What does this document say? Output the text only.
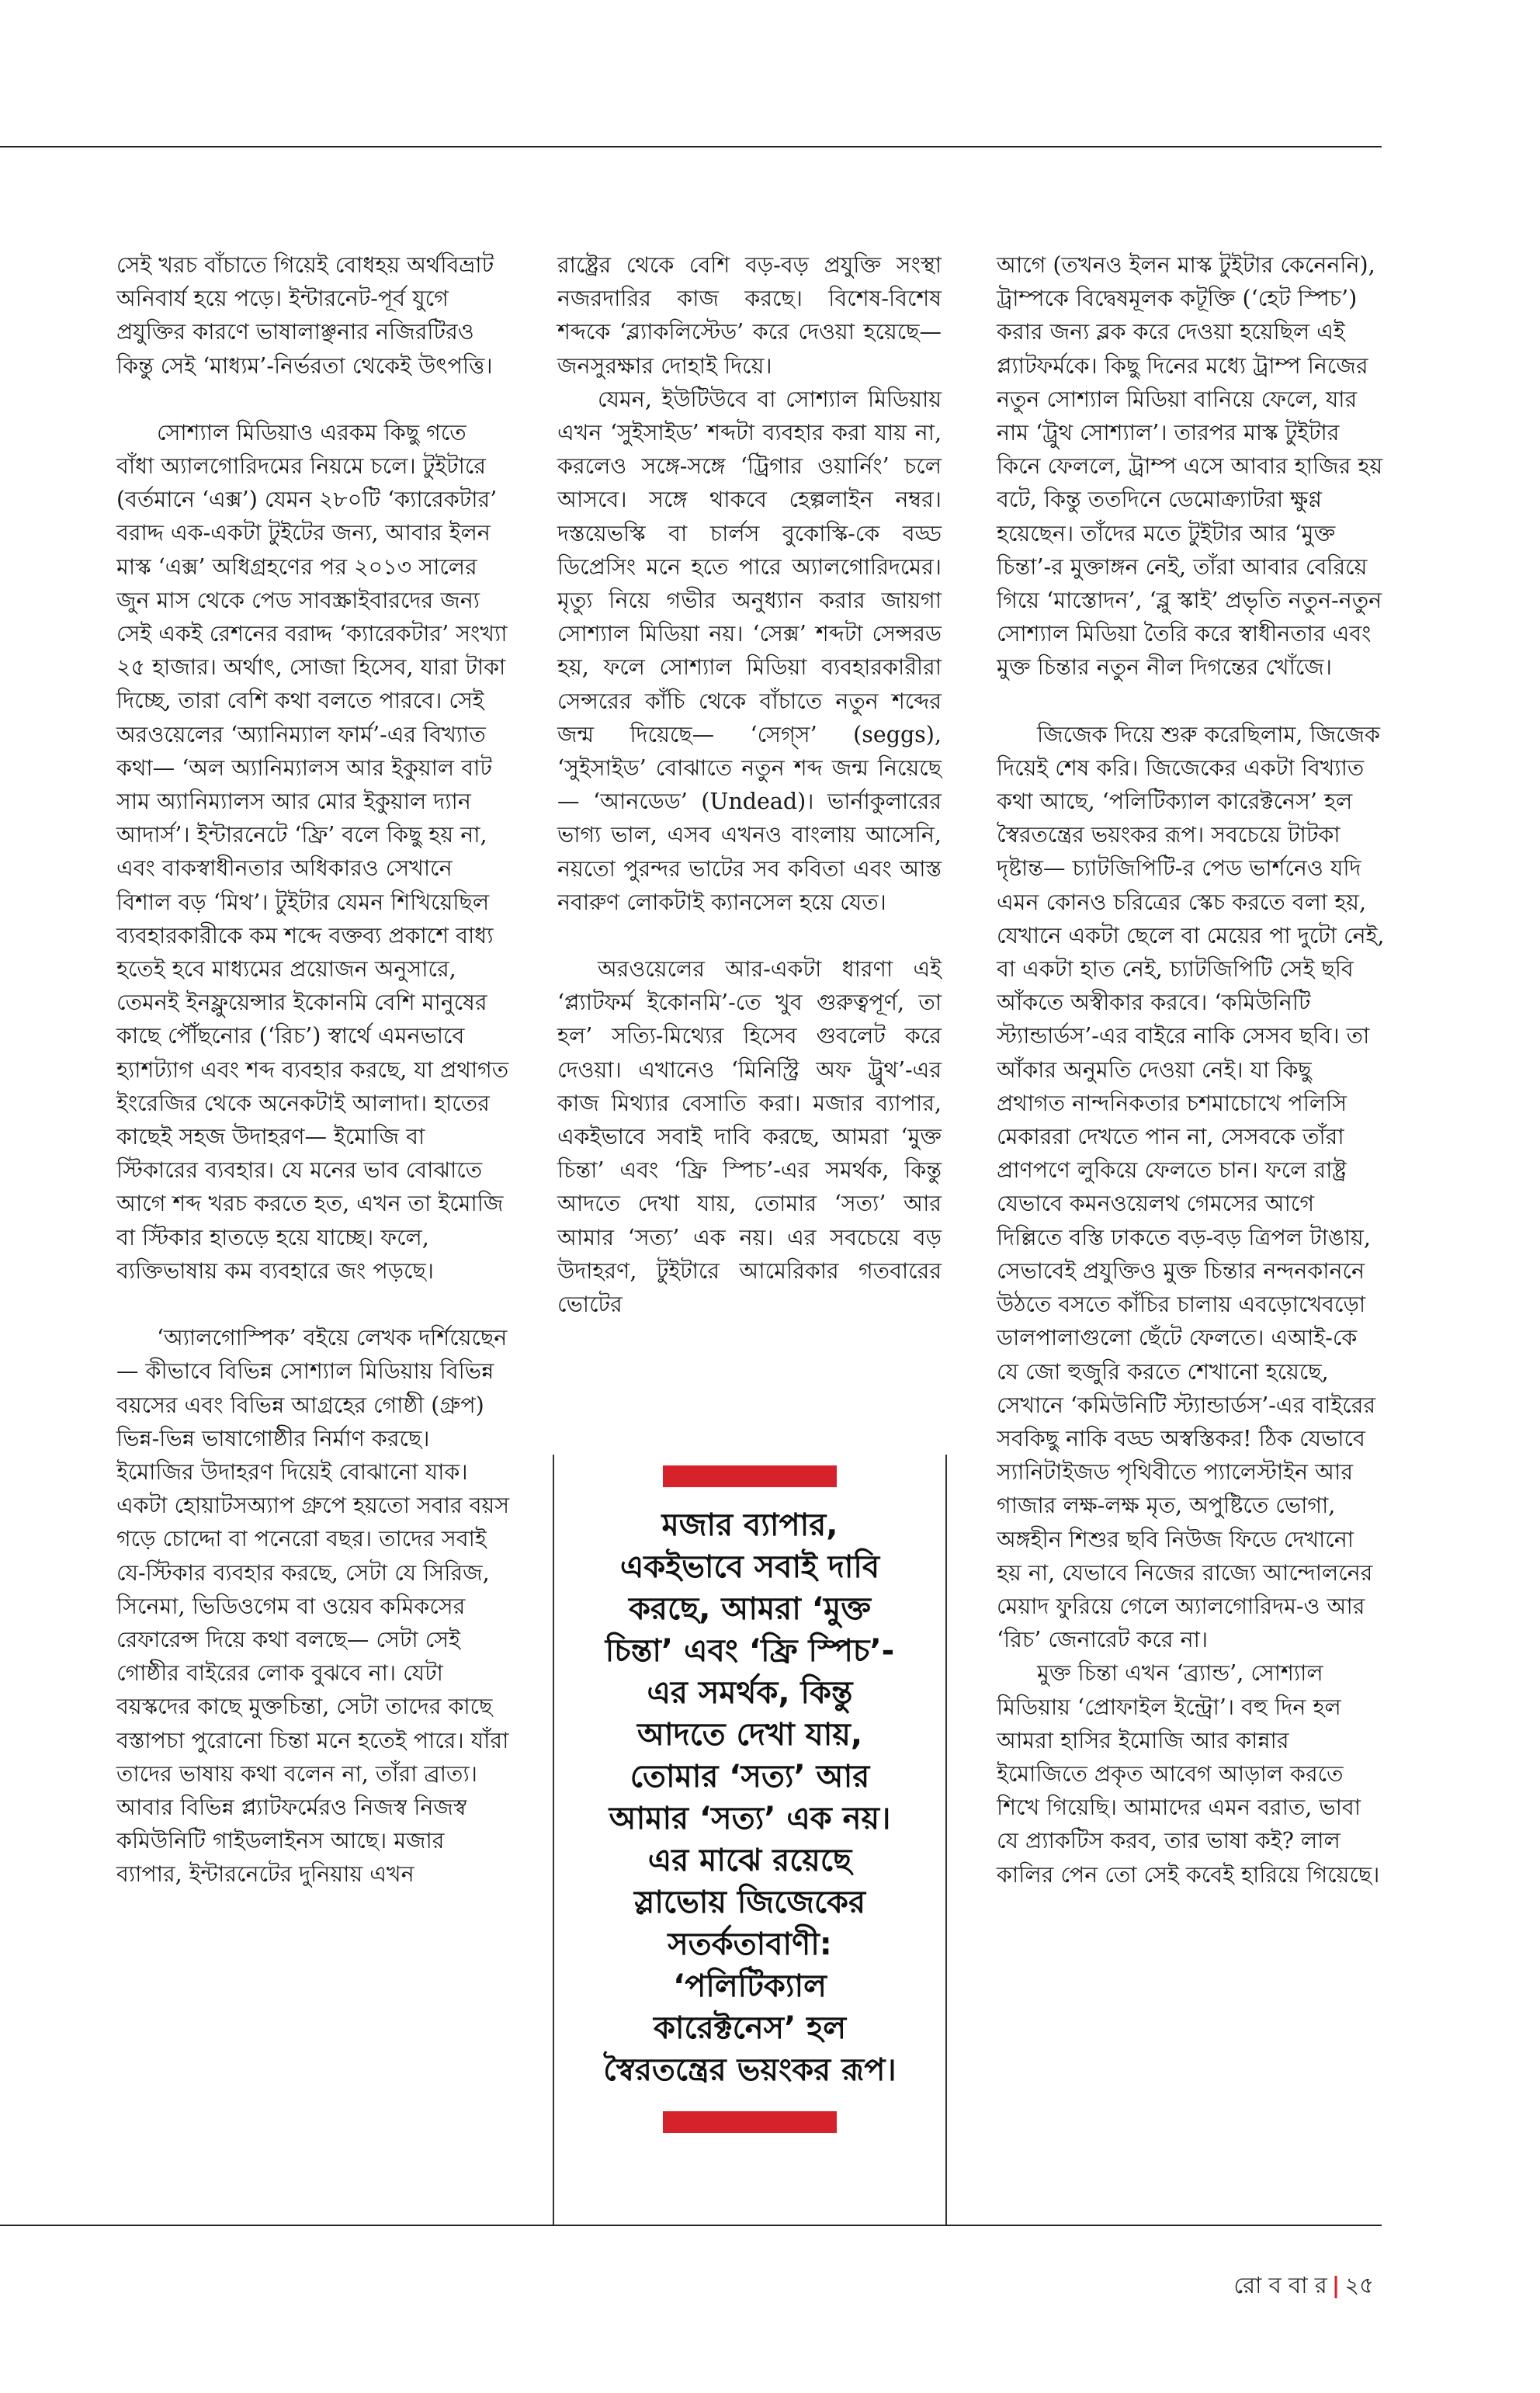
সেই খরচ বাঁচাতে গিয়েই বোধহয় অর্থবিভ্রাট অনিবার্য হয়ে পড়ে। ইন্টারনেট-পূর্ব যুগে প্রযুক্তির কারণে ভাষালাঞ্ছনার নজিরটিরও কিন্তু সেই ‘মাধ্যম’-নির্ভরতা থেকেই উৎপত্তি।

সোশ্যাল মিডিয়াও এরকম কিছু গতে বাঁধা অ্যালগোরিদমের নিয়মে চলে। টুইটারে (বর্তমানে ‘এক্স’) যেমন ২৮০টি ‘ক্যারেকটার’ বরাদ্দ এক-একটা টুইটের জন্য, আবার ইলন মাস্ক ‘এক্স’ অধিগ্রহণের পর ২০১৩ সালের জুন মাস থেকে পেড সাবস্ক্রাইবারদের জন্য সেই একই রেশনের বরাদ্দ ‘ক্যারেকটার’ সংখ্যা ২৫ হাজার। অর্থাৎ, সোজা হিসেব, যারা টাকা দিচ্ছে, তারা বেশি কথা বলতে পারবে। সেই অরওয়েলের ‘অ্যানিম্যাল ফার্ম’-এর বিখ্যাত কথা— ‘অল অ্যানিম্যালস আর ইকুয়াল বাট সাম অ্যানিম্যালস আর মোর ইকুয়াল দ্যান আদার্স’। ইন্টারনেটে ‘ফ্রি’ বলে কিছু হয় না, এবং বাকস্বাধীনতার অধিকারও সেখানে বিশাল বড় ‘মিথ’। টুইটার যেমন শিখিয়েছিল ব্যবহারকারীকে কম শব্দে বক্তব্য প্রকাশে বাধ্য হতেই হবে মাধ্যমের প্রয়োজন অনুসারে, তেমনই ইনফ্লুয়েন্সার ইকোনমি বেশি মানুষের কাছে পৌঁছনোর (‘রিচ’) স্বার্থে এমনভাবে হ্যাশট্যাগ এবং শব্দ ব্যবহার করছে, যা প্রথাগত ইংরেজির থেকে অনেকটাই আলাদা। হাতের কাছেই সহজ উদাহরণ— ইমোজি বা স্টিকারের ব্যবহার। যে মনের ভাব বোঝাতে আগে শব্দ খরচ করতে হত, এখন তা ইমোজি বা স্টিকার হাতড়ে হয়ে যাচ্ছে। ফলে, ব্যক্তিভাষায় কম ব্যবহারে জং পড়ছে।

‘অ্যালগোস্পিক’ বইয়ে লেখক দর্শিয়েছেন— কীভাবে বিভিন্ন সোশ্যাল মিডিয়ায় বিভিন্ন বয়সের এবং বিভিন্ন আগ্রহের গোষ্ঠী (গ্রুপ) ভিন্ন-ভিন্ন ভাষাগোষ্ঠীর নির্মাণ করছে। ইমোজির উদাহরণ দিয়েই বোঝানো যাক। একটা হোয়াটসঅ্যাপ গ্রুপে হয়তো সবার বয়স গড়ে চোদ্দো বা পনেরো বছর। তাদের সবাই যে-স্টিকার ব্যবহার করছে, সেটা যে সিরিজ, সিনেমা, ভিডিওগেম বা ওয়েব কমিকসের রেফারেন্স দিয়ে কথা বলছে— সেটা সেই গোষ্ঠীর বাইরের লোক বুঝবে না। যেটা বয়স্কদের কাছে মুক্তচিন্তা, সেটা তাদের কাছে বস্তাপচা পুরোনো চিন্তা মনে হতেই পারে। যাঁরা তাদের ভাষায় কথা বলেন না, তাঁরা ব্রাত্য। আবার বিভিন্ন প্ল্যাটফর্মেরও নিজস্ব নিজস্ব কমিউনিটি গাইডলাইনস আছে। মজার ব্যাপার, ইন্টারনেটের দুনিয়ায় এখন

রাষ্ট্রের থেকে বেশি বড়-বড় প্রযুক্তি সংস্থা নজরদারির কাজ করছে। বিশেষ-বিশেষ শব্দকে ‘ব্ল্যাকলিস্টেড’ করে দেওয়া হয়েছে— জনসুরক্ষার দোহাই দিয়ে।

যেমন, ইউটিউবে বা সোশ্যাল মিডিয়ায় এখন ‘সুইসাইড’ শব্দটা ব্যবহার করা যায় না, করলেও সঙ্গে-সঙ্গে ‘ট্রিগার ওয়ার্নিং’ চলে আসবে। সঙ্গে থাকবে হেল্পলাইন নম্বর। দস্তয়েভস্কি বা চার্লস বুকোস্কি-কে বড্ড ডিপ্রেসিং মনে হতে পারে অ্যালগোরিদমের। মৃত্যু নিয়ে গভীর অনুধ্যান করার জায়গা সোশ্যাল মিডিয়া নয়। ‘সেক্স’ শব্দটা সেন্সরড হয়, ফলে সোশ্যাল মিডিয়া ব্যবহারকারীরা সেন্সরের কাঁচি থেকে বাঁচাতে নতুন শব্দের জন্ম দিয়েছে— ‘সেগ্‌স’ (seggs), ‘সুইসাইড’ বোঝাতে নতুন শব্দ জন্ম নিয়েছে— ‘আনডেড’ (Undead)। ভার্নাকুলারের ভাগ্য ভাল, এসব এখনও বাংলায় আসেনি, নয়তো পুরন্দর ভাটের সব কবিতা এবং আস্ত নবারুণ লোকটাই ক্যানসেল হয়ে যেত।

অরওয়েলের আর-একটা ধারণা এই ‘প্ল্যাটফর্ম ইকোনমি’-তে খুব গুরুত্বপূর্ণ, তা হল’ সত্যি-মিথ্যের হিসেব গুবলেট করে দেওয়া। এখানেও ‘মিনিস্ট্রি অফ ট্রুথ’-এর কাজ মিথ্যার বেসাতি করা। মজার ব্যাপার, একইভাবে সবাই দাবি করছে, আমরা ‘মুক্ত চিন্তা’ এবং ‘ফ্রি স্পিচ’-এর সমর্থক, কিন্তু আদতে দেখা যায়, তোমার ‘সত্য’ আর আমার ‘সত্য’ এক নয়। এর সবচেয়ে বড় উদাহরণ, টুইটারে আমেরিকার গতবারের ভোটের

মজার ব্যাপার, একইভাবে সবাই দাবি করছে, আমরা ‘মুক্ত চিন্তা’ এবং ‘ফ্রি স্পিচ’-এর সমর্থক, কিন্তু আদতে দেখা যায়, তোমার ‘সত্য’ আর আমার ‘সত্য’ এক নয়। এর মাঝে রয়েছে স্লাভোয় জিজেকের সতর্কতাবাণী: ‘পলিটিক্যাল কারেক্টনেস’ হল স্বৈরতন্ত্রের ভয়ংকর রূপ।

আগে (তখনও ইলন মাস্ক টুইটার কেনেননি), ট্রাম্পকে বিদ্বেষমূলক কটূক্তি (‘হেট স্পিচ’) করার জন্য ব্লক করে দেওয়া হয়েছিল এই প্ল্যাটফর্মকে। কিছু দিনের মধ্যে ট্রাম্প নিজের নতুন সোশ্যাল মিডিয়া বানিয়ে ফেলে, যার নাম ‘ট্রুথ সোশ্যাল’। তারপর মাস্ক টুইটার কিনে ফেললে, ট্রাম্প এসে আবার হাজির হয় বটে, কিন্তু ততদিনে ডেমোক্র্যাটরা ক্ষুণ্ণ হয়েছেন। তাঁদের মতে টুইটার আর ‘মুক্ত চিন্তা’-র মুক্তাঙ্গন নেই, তাঁরা আবার বেরিয়ে গিয়ে ‘মাস্তোদন’, ‘ব্লু স্কাই’ প্রভৃতি নতুন-নতুন সোশ্যাল মিডিয়া তৈরি করে স্বাধীনতার এবং মুক্ত চিন্তার নতুন নীল দিগন্তের খোঁজে।

জিজেক দিয়ে শুরু করেছিলাম, জিজেক দিয়েই শেষ করি। জিজেকের একটা বিখ্যাত কথা আছে, ‘পলিটিক্যাল কারেক্টনেস’ হল স্বৈরতন্ত্রের ভয়ংকর রূপ। সবচেয়ে টাটকা দৃষ্টান্ত— চ্যাটজিপিটি-র পেড ভার্শনেও যদি এমন কোনও চরিত্রের স্কেচ করতে বলা হয়, যেখানে একটা ছেলে বা মেয়ের পা দুটো নেই, বা একটা হাত নেই, চ্যাটজিপিটি সেই ছবি আঁকতে অস্বীকার করবে। ‘কমিউনিটি স্ট্যান্ডার্ডস’-এর বাইরে নাকি সেসব ছবি। তা আঁকার অনুমতি দেওয়া নেই। যা কিছু প্রথাগত নান্দনিকতার চশমাচোখে পলিসি মেকাররা দেখতে পান না, সেসবকে তাঁরা প্রাণপণে লুকিয়ে ফেলতে চান। ফলে রাষ্ট্র যেভাবে কমনওয়েলথ গেমসের আগে দিল্লিতে বস্তি ঢাকতে বড়-বড় ত্রিপল টাঙায়, সেভাবেই প্রযুক্তিও মুক্ত চিন্তার নন্দনকাননে উঠতে বসতে কাঁচির চালায় এবড়োখেবড়ো ডালপালাগুলো ছেঁটে ফেলতে। এআই-কে যে জো হুজুরি করতে শেখানো হয়েছে, সেখানে ‘কমিউনিটি স্ট্যান্ডার্ডস’-এর বাইরের সবকিছু নাকি বড্ড অস্বস্তিকর! ঠিক যেভাবে স্যানিটাইজড পৃথিবীতে প্যালেস্টাইন আর গাজার লক্ষ-লক্ষ মৃত, অপুষ্টিতে ভোগা, অঙ্গহীন শিশুর ছবি নিউজ ফিডে দেখানো হয় না, যেভাবে নিজের রাজ্যে আন্দোলনের মেয়াদ ফুরিয়ে গেলে অ্যালগোরিদম-ও আর ‘রিচ’ জেনারেট করে না।

মুক্ত চিন্তা এখন ‘ব্র্যান্ড’, সোশ্যাল মিডিয়ায় ‘প্রোফাইল ইন্ট্রো’। বহু দিন হল আমরা হাসির ইমোজি আর কান্নার ইমোজিতে প্রকৃত আবেগ আড়াল করতে শিখে গিয়েছি। আমাদের এমন বরাত, ভাবা যে প্র্যাকটিস করব, তার ভাষা কই? লাল কালির পেন তো সেই কবেই হারিয়ে গিয়েছে।

রো ব বা র | ২৫
